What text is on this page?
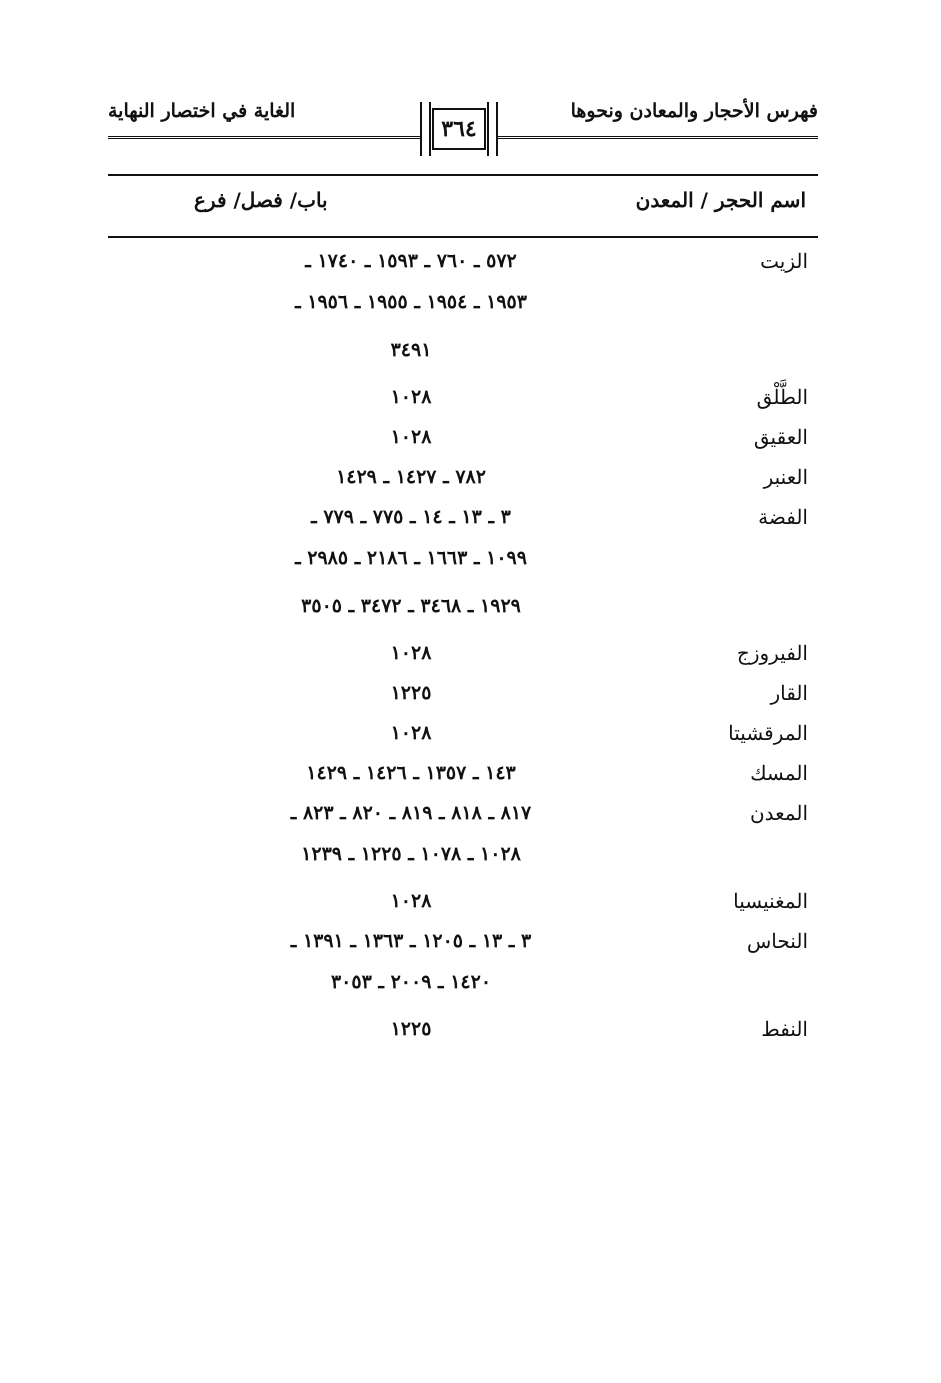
فهرس الأحجار والمعادن ونحوها
الغاية في اختصار النهاية
٣٦٤
اسم الحجر / المعدن
باب/ فصل/ فرع
الزيت
٥٧٢ ـ ٧٦٠ ـ ١٥٩٣ ـ ١٧٤٠ ـ
١٩٥٣ ـ ١٩٥٤ ـ ١٩٥٥ ـ ١٩٥٦ ـ
٣٤٩١
الطَّلْق
١٠٢٨
العقيق
١٠٢٨
العنبر
٧٨٢ ـ ١٤٢٧ ـ ١٤٢٩
الفضة
٣ ـ ١٣ ـ ١٤ ـ ٧٧٥ ـ ٧٧٩ ـ
١٠٩٩ ـ ١٦٦٣ ـ ٢١٨٦ ـ ٢٩٨٥ ـ
١٩٢٩ ـ ٣٤٦٨ ـ ٣٤٧٢ ـ ٣٥٠٥
الفيروزج
١٠٢٨
القار
١٢٢٥
المرقشيتا
١٠٢٨
المسك
١٤٣ ـ ١٣٥٧ ـ ١٤٢٦ ـ ١٤٢٩
المعدن
٨١٧ ـ ٨١٨ ـ ٨١٩ ـ ٨٢٠ ـ ٨٢٣ ـ
١٠٢٨ ـ ١٠٧٨ ـ ١٢٢٥ ـ ١٢٣٩
المغنيسيا
١٠٢٨
النحاس
٣ ـ ١٣ ـ ١٢٠٥ ـ ١٣٦٣ ـ ١٣٩١ ـ
١٤٢٠ ـ ٢٠٠٩ ـ ٣٠٥٣
النفط
١٢٢٥
